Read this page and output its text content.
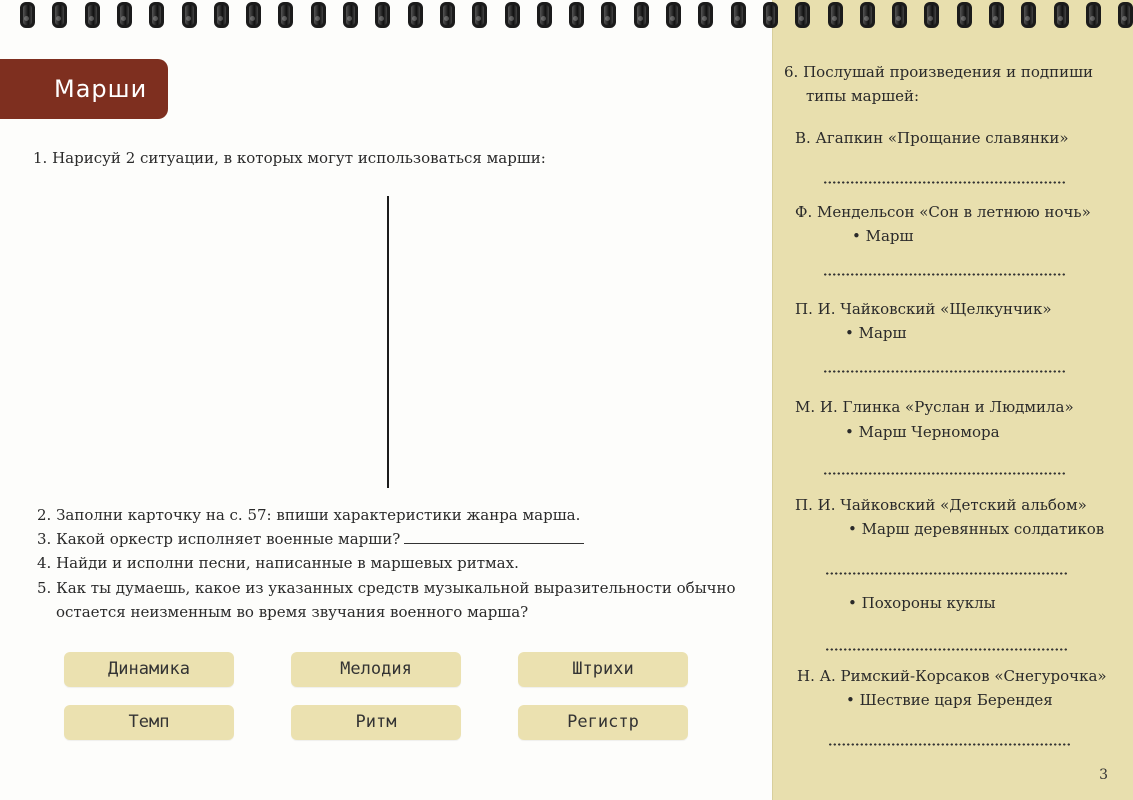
Марши
1. Нарисуй 2 ситуации, в которых могут использоваться марши:
2. Заполни карточку на с. 57: впиши характеристики жанра марша.
3. Какой оркестр исполняет военные марши?
4. Найди и исполни песни, написанные в маршевых ритмах.
5. Как ты думаешь, какое из указанных средств музыкальной выразительности обычно
остается неизменным во время звучания военного марша?
Динамика	Мелодия	Штрихи
Темп	Ритм	Регистр
6. Послушай произведения и подпиши
типы маршей:
В. Агапкин «Прощание славянки»
Ф. Мендельсон «Сон в летнюю ночь»
• Марш
П. И. Чайковский «Щелкунчик»
• Марш
М. И. Глинка «Руслан и Людмила»
• Марш Черномора
П. И. Чайковский «Детский альбом»
• Марш деревянных солдатиков
• Похороны куклы
Н. А. Римский-Корсаков «Снегурочка»
• Шествие царя Берендея
3
